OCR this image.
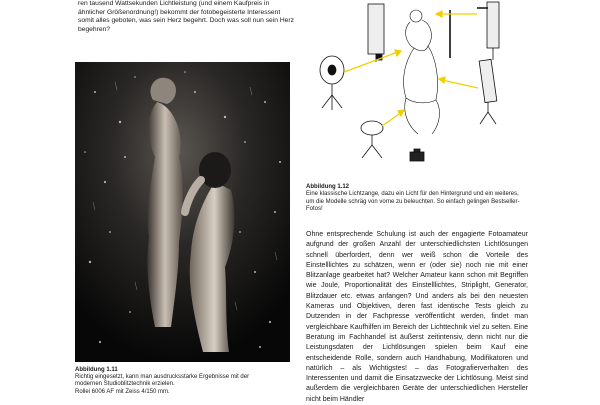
ren tausend Wattsekunden Lichtleistung (und einem Kaufpreis in ähnlicher Größenordnung!) bekommt der fotobegeisterte Interessent somit alles geboten, was sein Herz begehrt. Doch was soll nun sein Herz begehren?

Abbildung 1.11
Richtig eingesetzt, kann man ausdrucksstarke Ergebnisse mit der
modernen Studioblitztechnik erzielen.
Rollei 6006 AF mit Zeiss 4/150 mm.
Abbildung 1.12
Eine klassische Lichtzange, dazu ein Licht für den Hintergrund und ein weiteres, um die Modelle schräg von vorne zu beleuchten. So einfach gelingen Bestseller-Fotos!

Ohne entsprechende Schulung ist auch der engagierte Fotoamateur aufgrund der großen Anzahl der unterschiedlichsten Lichtlösungen schnell überfordert, denn wer weiß schon die Vorteile des Einstelllichtes zu schätzen, wenn er (oder sie) noch nie mit einer Blitzanlage gearbeitet hat? Welcher Amateur kann schon mit Begriffen wie Joule, Proportionalität des Einstelllichtes, Striplight, Generator, Blitzdauer etc. etwas anfangen? Und anders als bei den neuesten Kameras und Objektiven, deren fast identische Tests gleich zu Dutzenden in der Fachpresse veröffentlicht werden, findet man vergleichbare Kaufhilfen im Bereich der Lichttechnik viel zu selten. Eine Beratung im Fachhandel ist äußerst zeitintensiv, denn nicht nur die Leistungsdaten der Lichtlösungen spielen beim Kauf eine entscheidende Rolle, sondern auch Handhabung, Modifikatoren und natürlich – als Wichtigstes! – das Fotografierverhalten des Interessenten und damit die Einsatzzwecke der Lichtlösung. Meist sind außerdem die vergleichbaren Geräte der unterschiedlichen Hersteller nicht beim Händler
